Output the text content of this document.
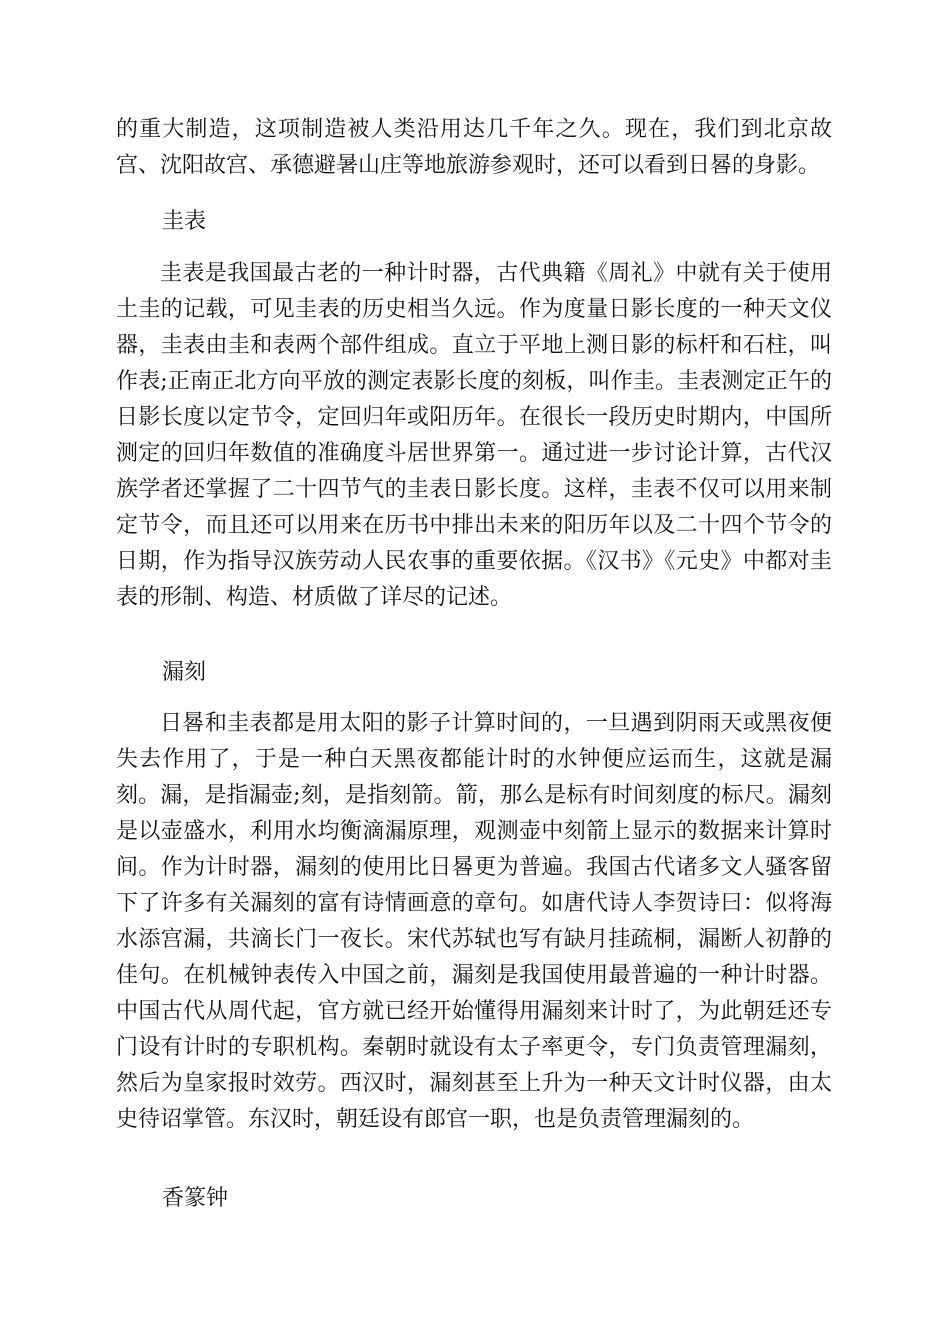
的重大制造，这项制造被人类沿用达几千年之久。现在，我们到北京故宫、沈阳故宫、承德避暑山庄等地旅游参观时，还可以看到日晷的身影。

圭表

圭表是我国最古老的一种计时器，古代典籍《周礼》中就有关于使用土圭的记载，可见圭表的历史相当久远。作为度量日影长度的一种天文仪器，圭表由圭和表两个部件组成。直立于平地上测日影的标杆和石柱，叫作表;正南正北方向平放的测定表影长度的刻板，叫作圭。圭表测定正午的日影长度以定节令，定回归年或阳历年。在很长一段历史时期内，中国所测定的回归年数值的准确度斗居世界第一。通过进一步讨论计算，古代汉族学者还掌握了二十四节气的圭表日影长度。这样，圭表不仅可以用来制定节令，而且还可以用来在历书中排出未来的阳历年以及二十四个节令的日期，作为指导汉族劳动人民农事的重要依据。《汉书》《元史》中都对圭表的形制、构造、材质做了详尽的记述。

漏刻

日晷和圭表都是用太阳的影子计算时间的，一旦遇到阴雨天或黑夜便失去作用了，于是一种白天黑夜都能计时的水钟便应运而生，这就是漏刻。漏，是指漏壶;刻，是指刻箭。箭，那么是标有时间刻度的标尺。漏刻是以壶盛水，利用水均衡滴漏原理，观测壶中刻箭上显示的数据来计算时间。作为计时器，漏刻的使用比日晷更为普遍。我国古代诸多文人骚客留下了许多有关漏刻的富有诗情画意的章句。如唐代诗人李贺诗曰：似将海水添宫漏，共滴长门一夜长。宋代苏轼也写有缺月挂疏桐，漏断人初静的佳句。在机械钟表传入中国之前，漏刻是我国使用最普遍的一种计时器。中国古代从周代起，官方就已经开始懂得用漏刻来计时了，为此朝廷还专门设有计时的专职机构。秦朝时就设有太子率更令，专门负责管理漏刻，然后为皇家报时效劳。西汉时，漏刻甚至上升为一种天文计时仪器，由太史待诏掌管。东汉时，朝廷设有郎官一职，也是负责管理漏刻的。

香篆钟
